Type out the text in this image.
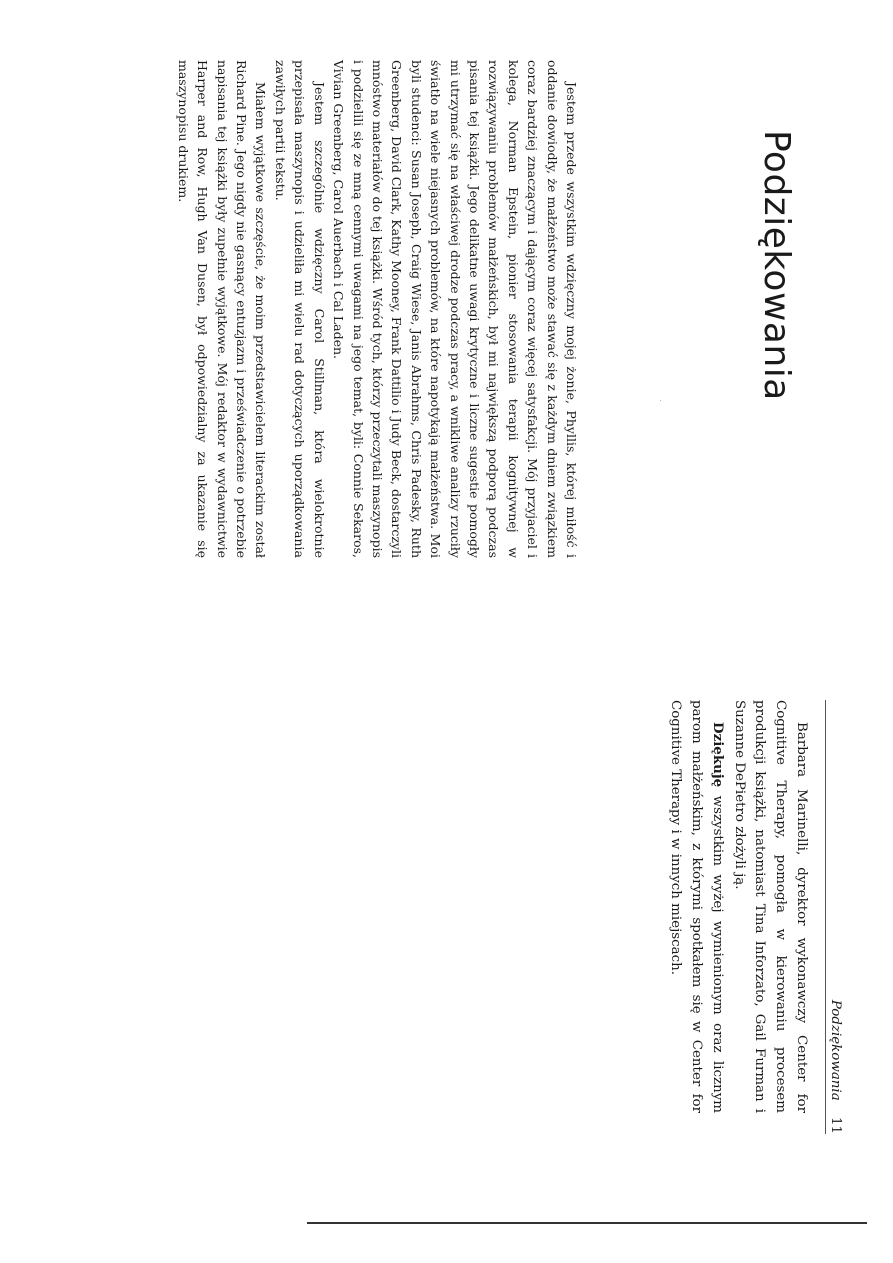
Podziękowania 11
Podziękowania

Jestem przede wszystkim wdzięczny mojej żonie, Phyllis, której miłość i oddanie dowiodły, że małżeństwo może stawać się z każdym dniem związkiem coraz bardziej znaczącym i dającym coraz więcej satysfakcji. Mój przyjaciel i kolega, Norman Epstein, pionier stosowania terapii kognitywnej w rozwiązywaniu problemów małżeńskich, był mi największą podporą podczas pisania tej książki. Jego delikatne uwagi krytyczne i liczne sugestie pomogły mi utrzymać się na właściwej drodze podczas pracy, a wnikliwe analizy rzuciły światło na wiele niejasnych problemów, na które napotykają małżeństwa. Moi byli studenci: Susan Joseph, Craig Wiese, Janis Abrahms, Chris Padesky, Ruth Greenberg, David Clark, Kathy Mooney, Frank Dattilio i Judy Beck, dostarczyli mnóstwo materiałów do tej książki. Wśród tych, którzy przeczytali maszynopis i podzielili się ze mną cennymi uwagami na jego temat, byli: Connie Sekaros, Vivian Greenberg, Carol Auerbach i Cal Laden.

Jestem szczególnie wdzięczny Carol Stillman, która wielokrotnie przepisała maszynopis i udzieliła mi wielu rad dotyczących uporządkowania zawiłych partii tekstu.

Miałem wyjątkowe szczęście, że moim przedstawicielem literackim został Richard Pine. Jego nigdy nie gasnący entuzjazm i przeświadczenie o potrzebie napisania tej książki były zupełnie wyjątkowe. Mój redaktor w wydawnictwie Harper and Row, Hugh Van Dusen, był odpowiedzialny za ukazanie się maszynopisu drukiem.

Barbara Marinelli, dyrektor wykonawczy Center for Cognitive Therapy, pomogła w kierowaniu procesem produkcji książki, natomiast Tina Inforzato, Gail Furman i Suzanne DePietro złożyli ją.

Dziękuję wszystkim wyżej wymienionym oraz licznym parom małżeńskim, z którymi spotkałem się w Center for Cognitive Therapy i w innych miejscach.
